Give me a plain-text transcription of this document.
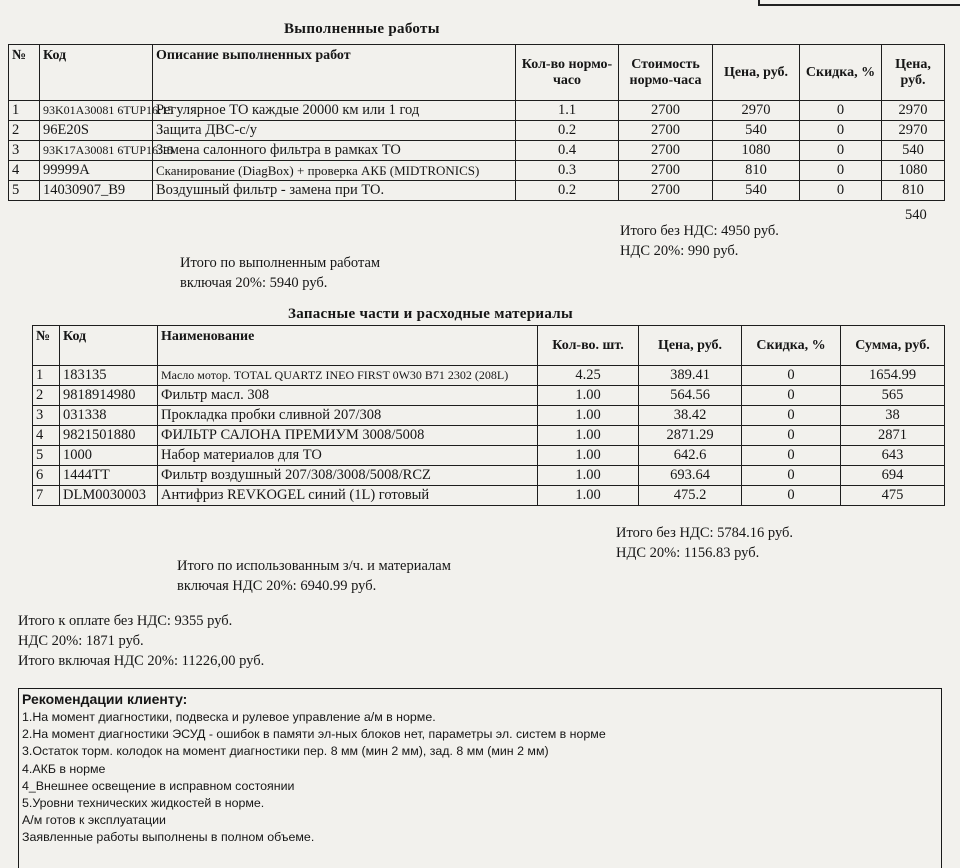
Выполненные работы
№	Код	Описание выполненных работ	Кол-во нормо-часо	Стоимость нормо-часа	Цена, руб.	Скидка, %	Цена, руб.
1	93K01A30081 6TUP16:15	Регулярное ТО каждые 20000 км или 1 год	1.1	2700	2970	0	2970
2	96E20S	Защита ДВС-с/у	0.2	2700	540	0	2970
3	93K17A30081 6TUP16:15	Замена салонного фильтра в рамках ТО	0.4	2700	1080	0	540
4	99999A	Сканирование (DiagBox) + проверка АКБ (MIDTRONICS)	0.3	2700	810	0	1080
5	14030907_B9	Воздушный фильтр - замена при ТО.	0.2	2700	540	0	810
540
Итого без НДС: 4950 руб.
НДС 20%: 990 руб.
Итого по выполненным работам
включая 20%: 5940 руб.
Запасные части и расходные материалы
№	Код	Наименование	Кол-во. шт.	Цена, руб.	Скидка, %	Сумма, руб.
1	183135	Масло мотор. TOTAL QUARTZ INEO FIRST 0W30 B71 2302 (208L)	4.25	389.41	0	1654.99
2	9818914980	Фильтр масл. 308	1.00	564.56	0	565
3	031338	Прокладка пробки сливной 207/308	1.00	38.42	0	38
4	9821501880	ФИЛЬТР САЛОНА ПРЕМИУМ 3008/5008	1.00	2871.29	0	2871
5	1000	Набор материалов для ТО	1.00	642.6	0	643
6	1444TT	Фильтр воздушный 207/308/3008/5008/RCZ	1.00	693.64	0	694
7	DLM0030003	Антифриз REVKOGEL синий (1L) готовый	1.00	475.2	0	475
Итого без НДС: 5784.16 руб.
НДС 20%: 1156.83 руб.
Итого по использованным з/ч. и материалам
включая НДС 20%: 6940.99 руб.
Итого к оплате без НДС: 9355 руб.
НДС 20%: 1871 руб.
Итого включая НДС 20%: 11226,00 руб.
Рекомендации клиенту:
1.На момент диагностики, подвеска и рулевое управление а/м в норме.
2.На момент диагностики ЭСУД - ошибок в памяти эл-ных блоков нет, параметры эл. систем в норме
3.Остаток торм. колодок на момент диагностики пер. 8 мм (мин 2 мм), зад. 8 мм (мин 2 мм)
4.АКБ в норме
4_Внешнее освещение в исправном состоянии
5.Уровни технических жидкостей в норме.
А/м готов к эксплуатации
Заявленные работы выполнены в полном объеме.
